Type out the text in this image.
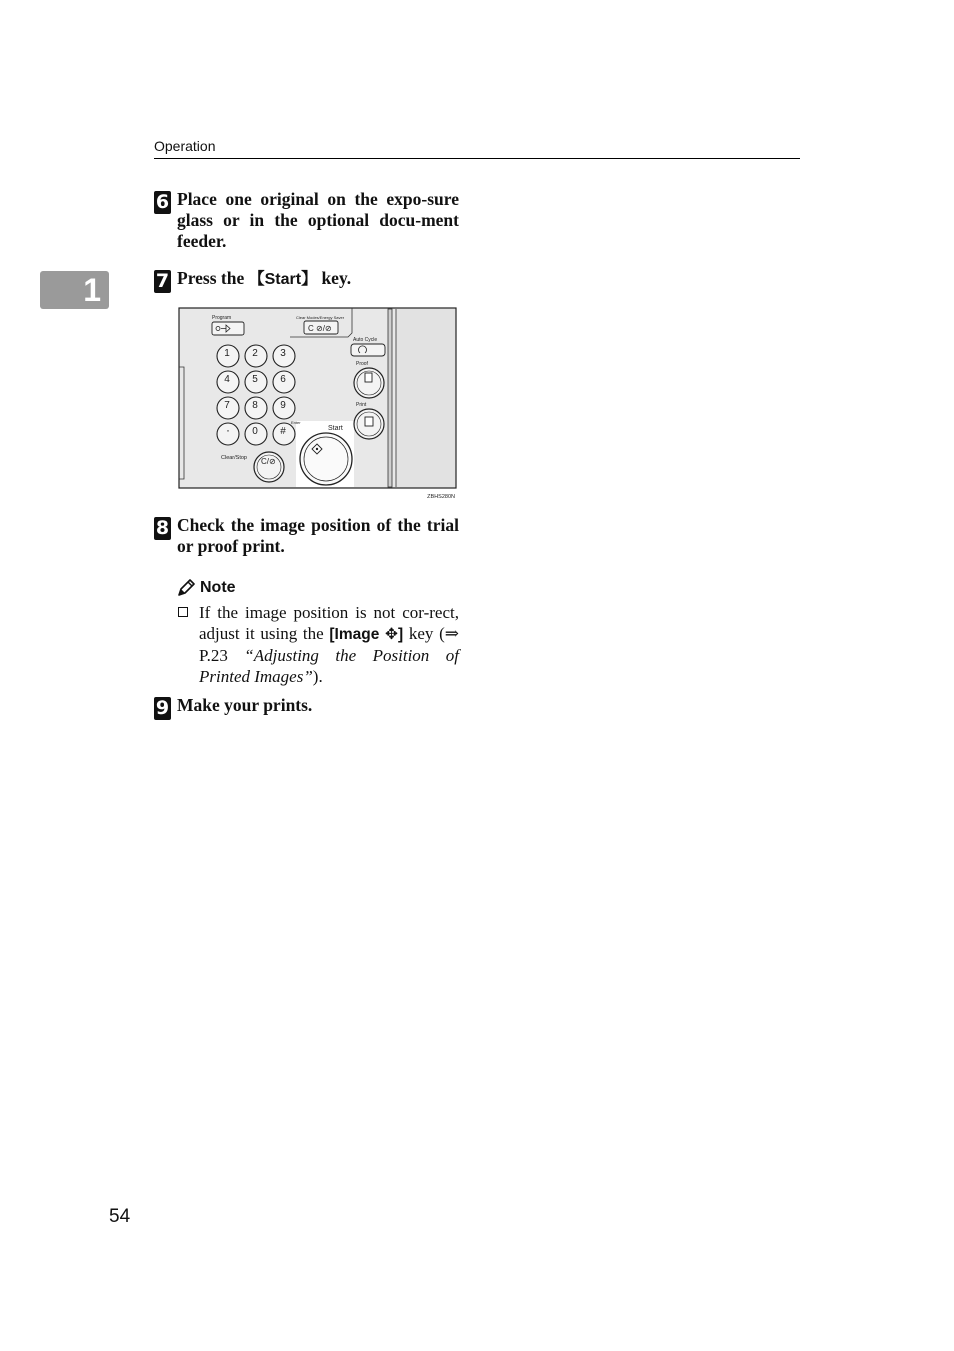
Operation
1
6 Place one original on the expo-sure glass or in the optional docu-ment feeder.
7 Press the 【Start】 key.
Program	Clear Modes/Energy Saver
C ⊘/⊘
Auto Cycle
Proof
Print
1 2 3
4 5 6
7 8 9
· 0 #
Enter
Clear/Stop C/⊘
Start
ZBHS280N
8 Check the image position of the trial or proof print.
Note
If the image position is not cor-rect, adjust it using the [Image ✥] key (⇒ P.23 “Adjusting the Position of Printed Images”).
9 Make your prints.
54
